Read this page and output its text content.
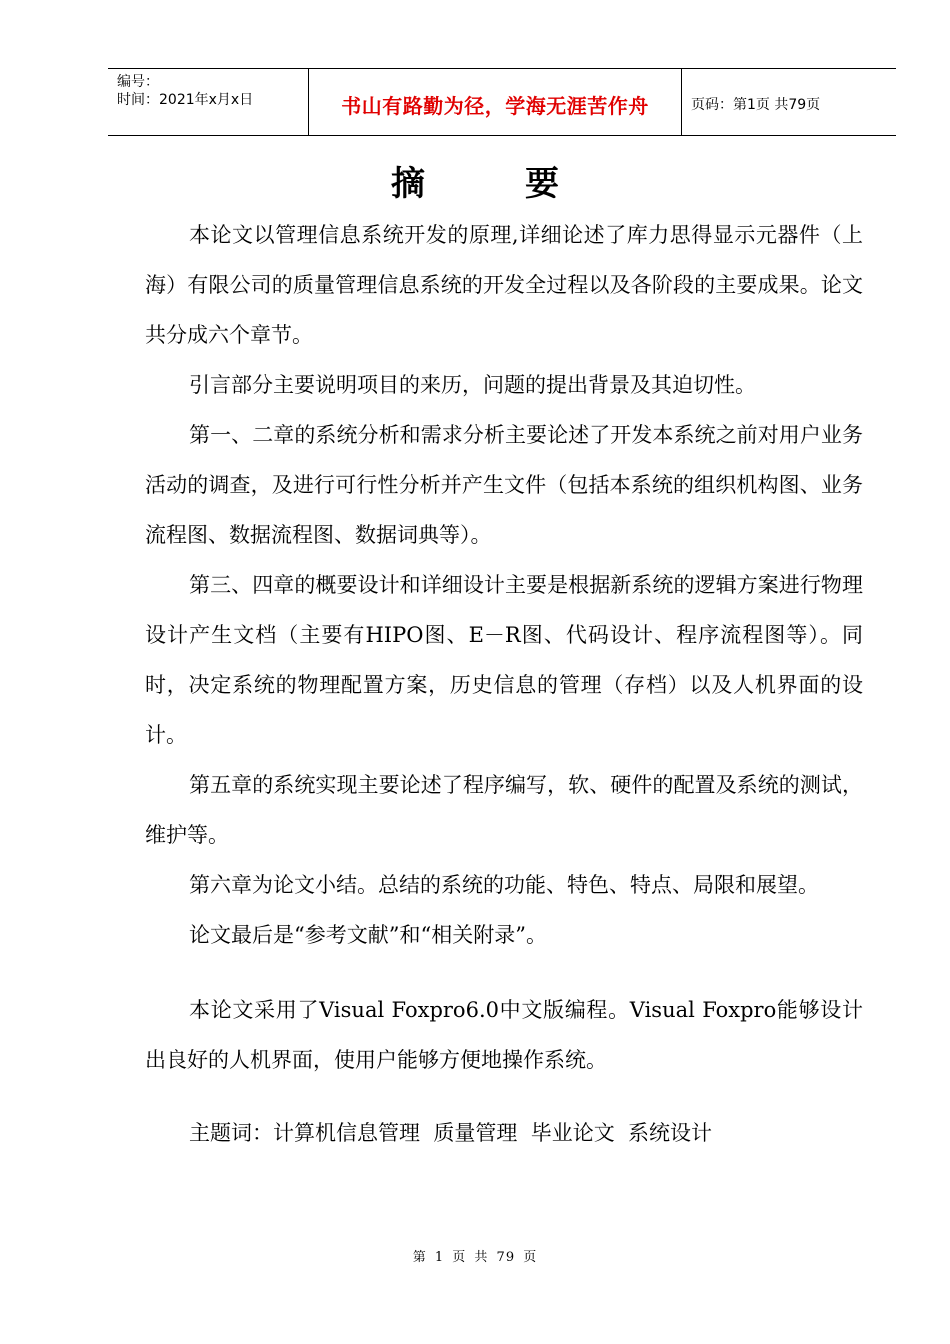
编号：
时间：2021年x月x日	书山有路勤为径，学海无涯苦作舟	页码：第1页 共79页
摘要

本论文以管理信息系统开发的原理,详细论述了库力思得显示元器件（上海）有限公司的质量管理信息系统的开发全过程以及各阶段的主要成果。论文共分成六个章节。

引言部分主要说明项目的来历，问题的提出背景及其迫切性。

第一、二章的系统分析和需求分析主要论述了开发本系统之前对用户业务活动的调查，及进行可行性分析并产生文件（包括本系统的组织机构图、业务流程图、数据流程图、数据词典等）。

第三、四章的概要设计和详细设计主要是根据新系统的逻辑方案进行物理设计产生文档（主要有HIPO图、E－R图、代码设计、程序流程图等）。同时，决定系统的物理配置方案，历史信息的管理（存档）以及人机界面的设计。

第五章的系统实现主要论述了程序编写，软、硬件的配置及系统的测试，维护等。

第六章为论文小结。总结的系统的功能、特色、特点、局限和展望。

论文最后是“参考文献”和“相关附录”。

本论文采用了Visual Foxpro6.0中文版编程。Visual Foxpro能够设计出良好的人机界面，使用户能够方便地操作系统。

主题词：计算机信息管理  质量管理  毕业论文  系统设计
第 1 页 共 79 页
